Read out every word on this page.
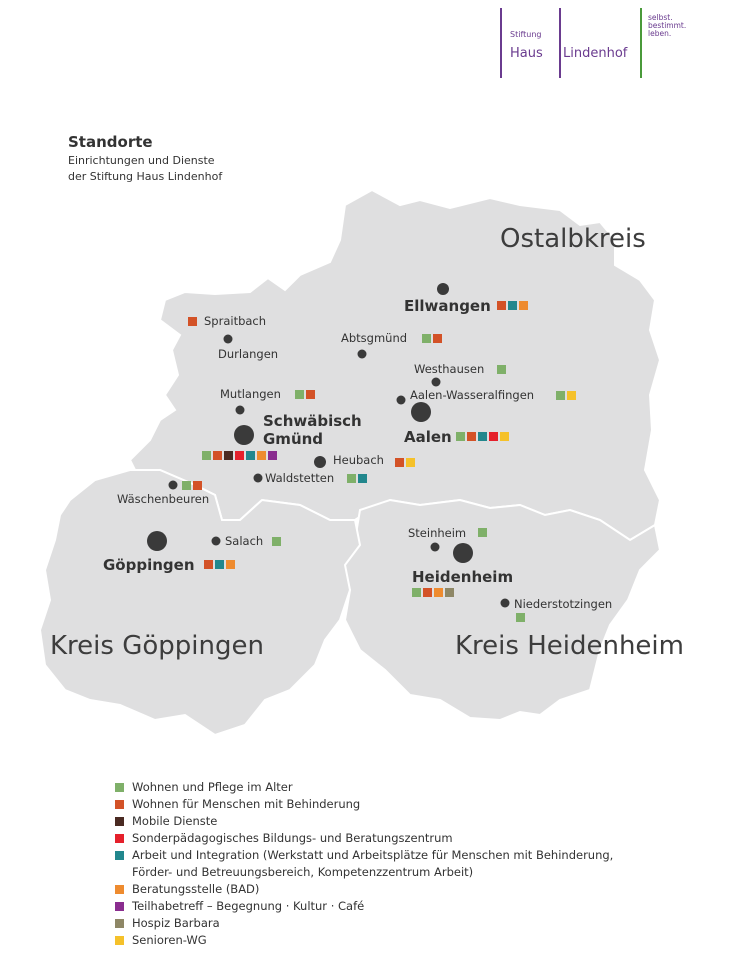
Stiftung
Haus Lindenhof
selbst.
bestimmt.
leben.
Ostalbkreis
Kreis Göppingen	Kreis Heidenheim
Ellwangen
Spraitbach
Durlangen
Abtsgmünd
Westhausen
Mutlangen	Aalen-Wasseralfingen
Schwäbisch
Gmünd	Aalen
Heubach
Waldstetten
Wäschenbeuren
Göppingen
Salach
Steinheim
Heidenheim
Niederstotzingen
Standorte
Einrichtungen und Dienste
der Stiftung Haus Lindenhof
Wohnen und Pflege im Alter
Wohnen für Menschen mit Behinderung
Mobile Dienste
Sonderpädagogisches Bildungs- und Beratungszentrum
Arbeit und Integration (Werkstatt und Arbeitsplätze für Menschen mit Behinderung,
Förder- und Betreuungsbereich, Kompetenzzentrum Arbeit)
Beratungsstelle (BAD)
Teilhabetreff – Begegnung · Kultur · Café
Hospiz Barbara
Senioren-WG
